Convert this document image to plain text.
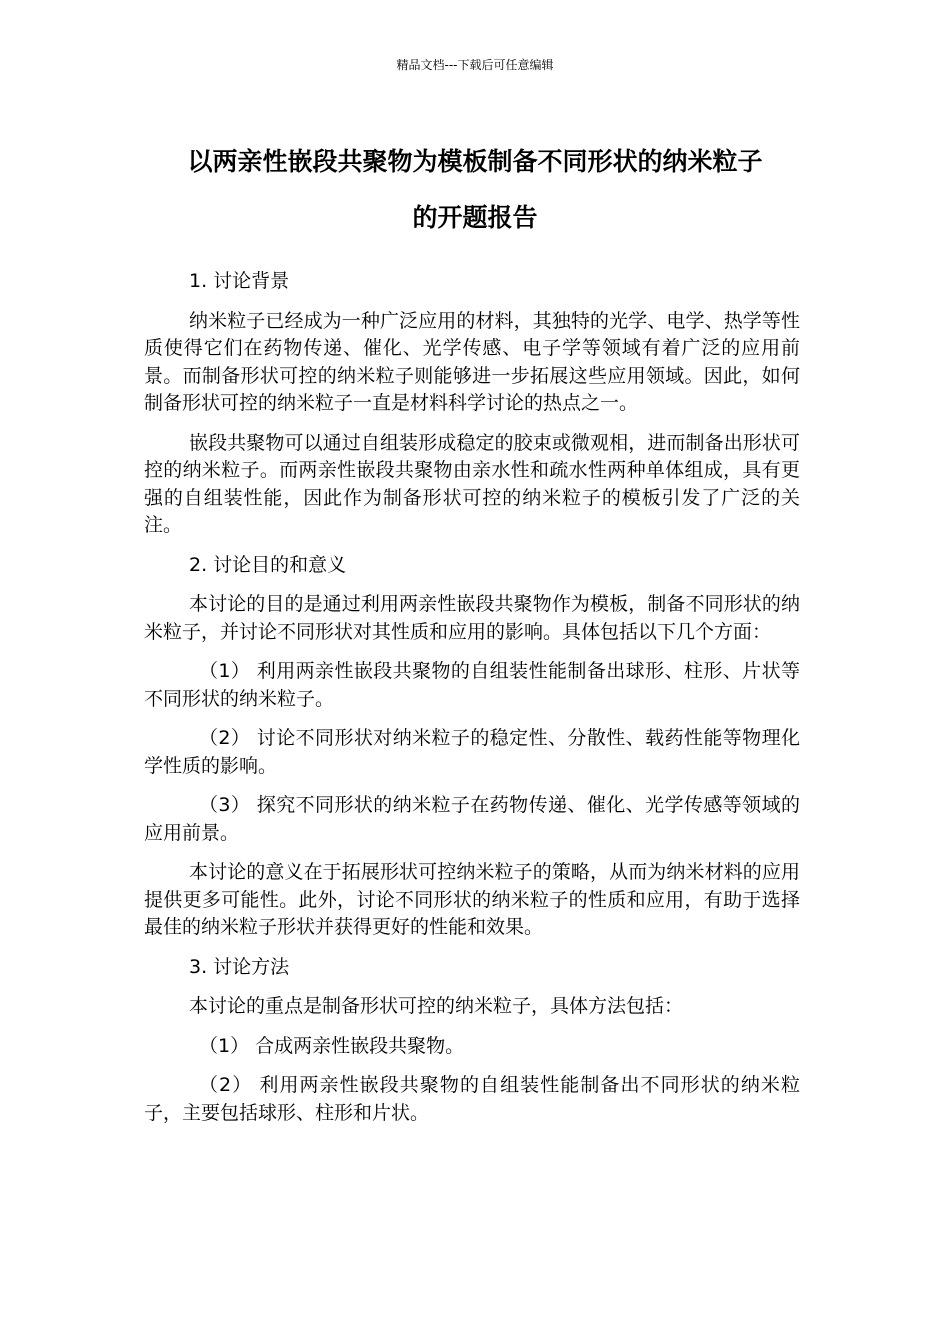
精品文档---下载后可任意编辑
以两亲性嵌段共聚物为模板制备不同形状的纳米粒子
的开题报告

1. 讨论背景

纳米粒子已经成为一种广泛应用的材料，其独特的光学、电学、热学等性质使得它们在药物传递、催化、光学传感、电子学等领域有着广泛的应用前景。而制备形状可控的纳米粒子则能够进一步拓展这些应用领域。因此，如何制备形状可控的纳米粒子一直是材料科学讨论的热点之一。

嵌段共聚物可以通过自组装形成稳定的胶束或微观相，进而制备出形状可控的纳米粒子。而两亲性嵌段共聚物由亲水性和疏水性两种单体组成，具有更强的自组装性能，因此作为制备形状可控的纳米粒子的模板引发了广泛的关注。

2. 讨论目的和意义

本讨论的目的是通过利用两亲性嵌段共聚物作为模板，制备不同形状的纳米粒子，并讨论不同形状对其性质和应用的影响。具体包括以下几个方面：

（1） 利用两亲性嵌段共聚物的自组装性能制备出球形、柱形、片状等不同形状的纳米粒子。

（2） 讨论不同形状对纳米粒子的稳定性、分散性、载药性能等物理化学性质的影响。

（3） 探究不同形状的纳米粒子在药物传递、催化、光学传感等领域的应用前景。

本讨论的意义在于拓展形状可控纳米粒子的策略，从而为纳米材料的应用提供更多可能性。此外，讨论不同形状的纳米粒子的性质和应用，有助于选择最佳的纳米粒子形状并获得更好的性能和效果。

3. 讨论方法

本讨论的重点是制备形状可控的纳米粒子，具体方法包括：

（1） 合成两亲性嵌段共聚物。

（2） 利用两亲性嵌段共聚物的自组装性能制备出不同形状的纳米粒子，主要包括球形、柱形和片状。
